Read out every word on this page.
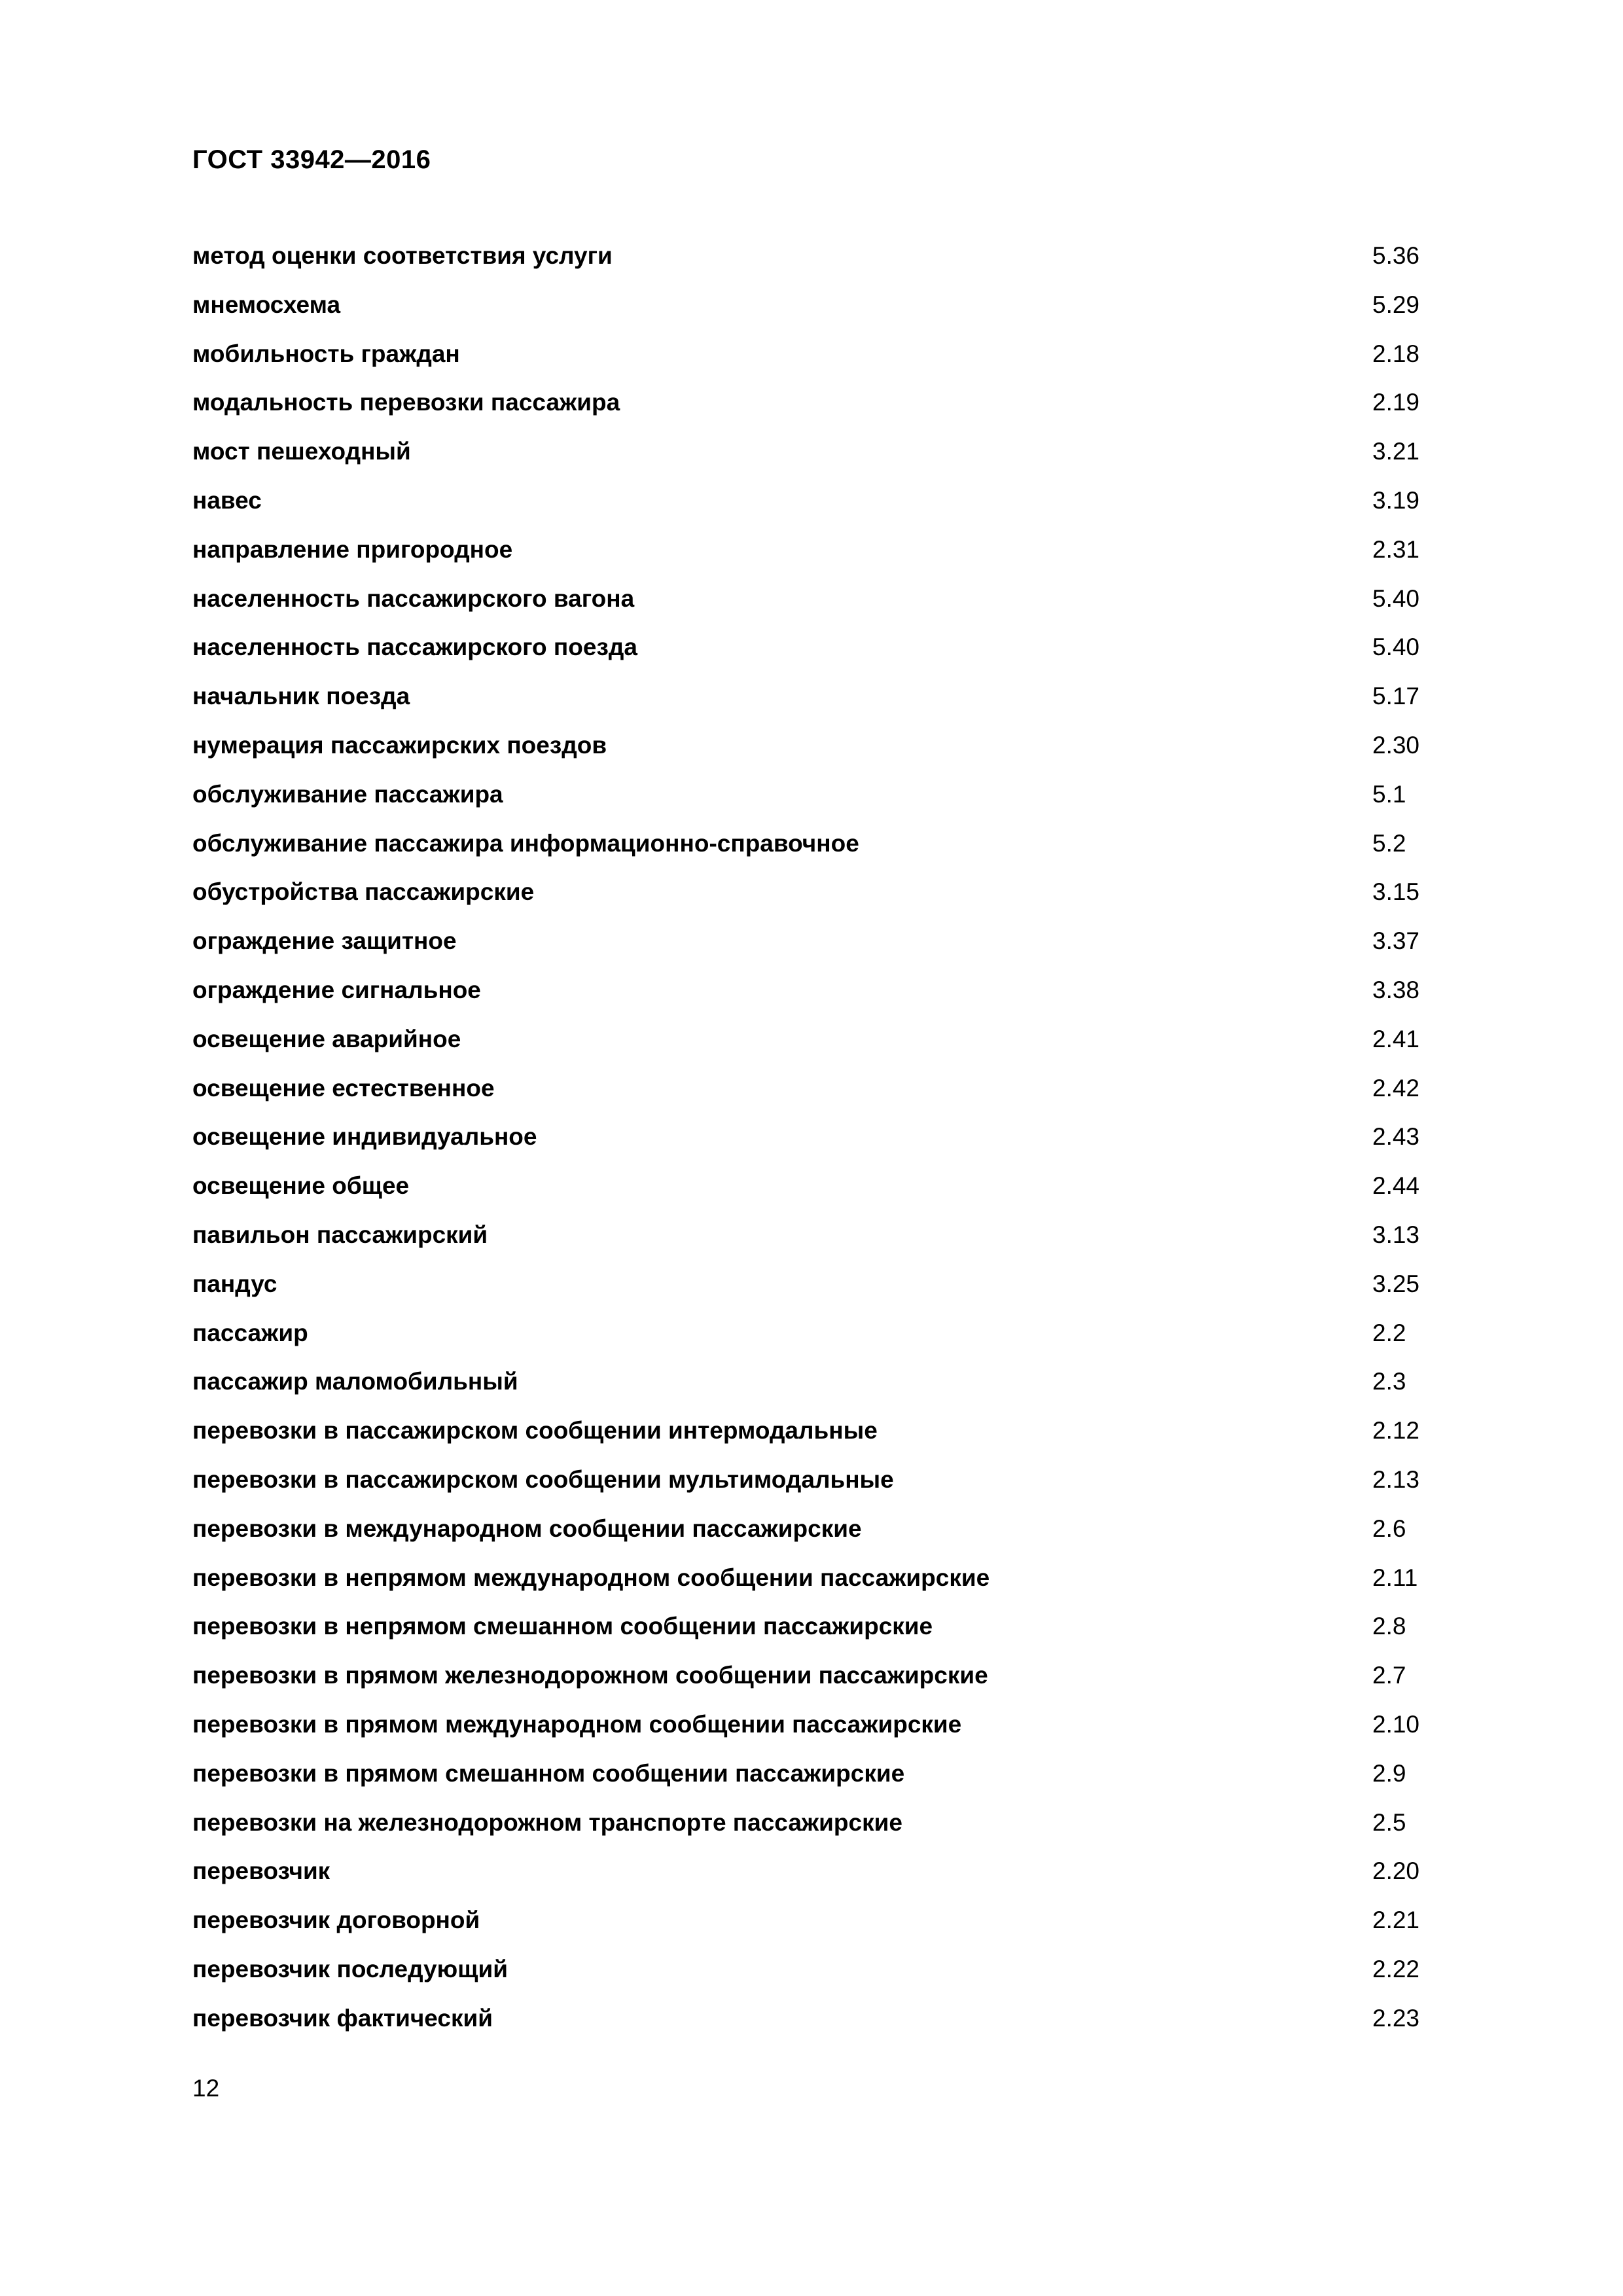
ГОСТ 33942—2016
метод оценки соответствия услуги	5.36
мнемосхема	5.29
мобильность граждан	2.18
модальность перевозки пассажира	2.19
мост пешеходный	3.21
навес	3.19
направление пригородное	2.31
населенность пассажирского вагона	5.40
населенность пассажирского поезда	5.40
начальник поезда	5.17
нумерация пассажирских поездов	2.30
обслуживание пассажира	5.1
обслуживание пассажира информационно-справочное	5.2
обустройства пассажирские	3.15
ограждение защитное	3.37
ограждение сигнальное	3.38
освещение аварийное	2.41
освещение естественное	2.42
освещение индивидуальное	2.43
освещение общее	2.44
павильон пассажирский	3.13
пандус	3.25
пассажир	2.2
пассажир маломобильный	2.3
перевозки в пассажирском сообщении интермодальные	2.12
перевозки в пассажирском сообщении мультимодальные	2.13
перевозки в международном сообщении пассажирские	2.6
перевозки в непрямом международном сообщении пассажирские	2.11
перевозки в непрямом смешанном сообщении пассажирские	2.8
перевозки в прямом железнодорожном сообщении пассажирские	2.7
перевозки в прямом международном сообщении пассажирские	2.10
перевозки в прямом смешанном сообщении пассажирские	2.9
перевозки на железнодорожном транспорте пассажирские	2.5
перевозчик	2.20
перевозчик договорной	2.21
перевозчик последующий	2.22
перевозчик фактический	2.23
12
